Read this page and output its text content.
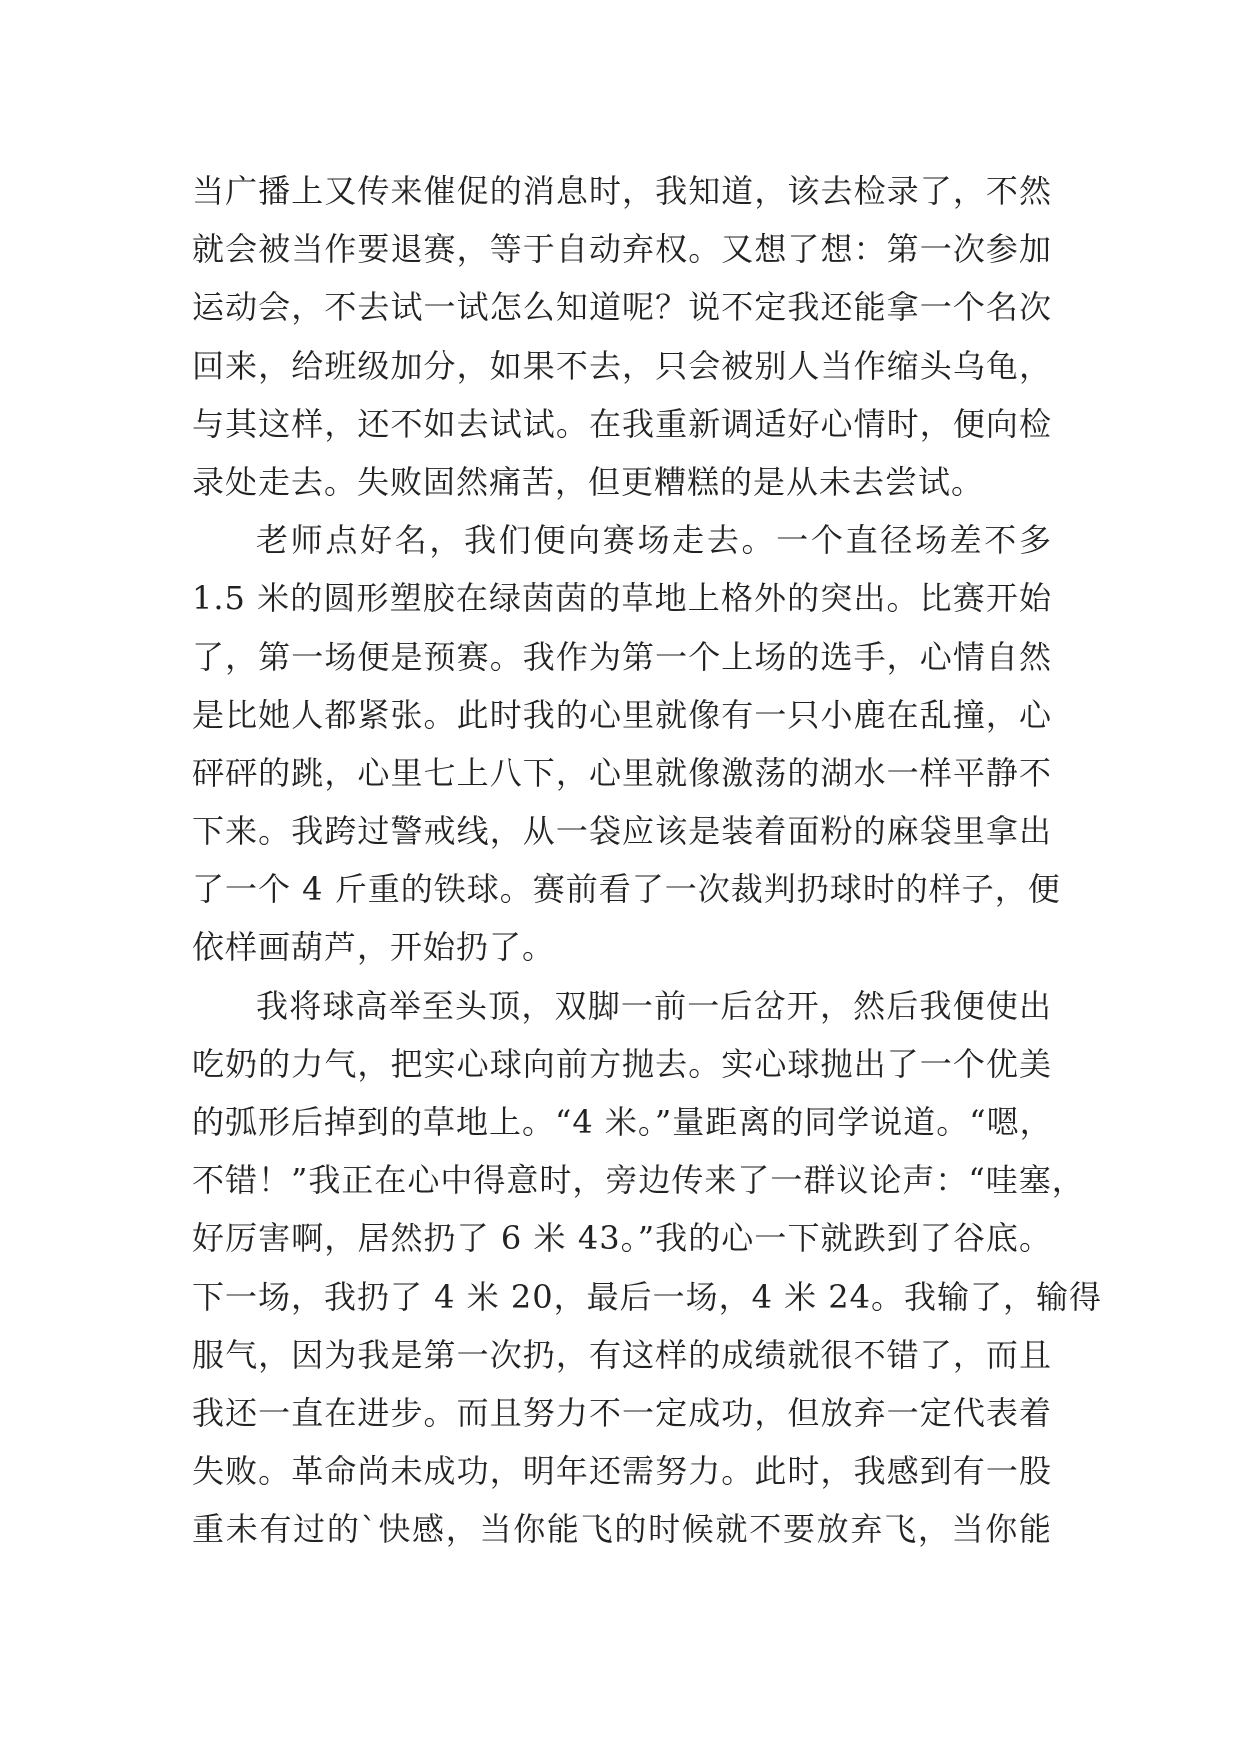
当广播上又传来催促的消息时，我知道，该去检录了，不然
就会被当作要退赛，等于自动弃权。又想了想：第一次参加
运动会，不去试一试怎么知道呢？说不定我还能拿一个名次
回来，给班级加分，如果不去，只会被别人当作缩头乌龟，
与其这样，还不如去试试。在我重新调适好心情时，便向检
录处走去。失败固然痛苦，但更糟糕的是从未去尝试。
老师点好名，我们便向赛场走去。一个直径场差不多
1.5 米的圆形塑胶在绿茵茵的草地上格外的突出。比赛开始
了，第一场便是预赛。我作为第一个上场的选手，心情自然
是比她人都紧张。此时我的心里就像有一只小鹿在乱撞，心
砰砰的跳，心里七上八下，心里就像激荡的湖水一样平静不
下来。我跨过警戒线，从一袋应该是装着面粉的麻袋里拿出
了一个 4 斤重的铁球。赛前看了一次裁判扔球时的样子，便
依样画葫芦，开始扔了。
我将球高举至头顶，双脚一前一后岔开，然后我便使出
吃奶的力气，把实心球向前方抛去。实心球抛出了一个优美
的弧形后掉到的草地上。“4 米。”量距离的同学说道。“嗯，
不错！”我正在心中得意时，旁边传来了一群议论声：“哇塞，
好厉害啊，居然扔了 6 米 43。”我的心一下就跌到了谷底。
下一场，我扔了 4 米 20，最后一场，4 米 24。我输了，输得
服气，因为我是第一次扔，有这样的成绩就很不错了，而且
我还一直在进步。而且努力不一定成功，但放弃一定代表着
失败。革命尚未成功，明年还需努力。此时，我感到有一股
重未有过的`快感，当你能飞的时候就不要放弃飞，当你能
